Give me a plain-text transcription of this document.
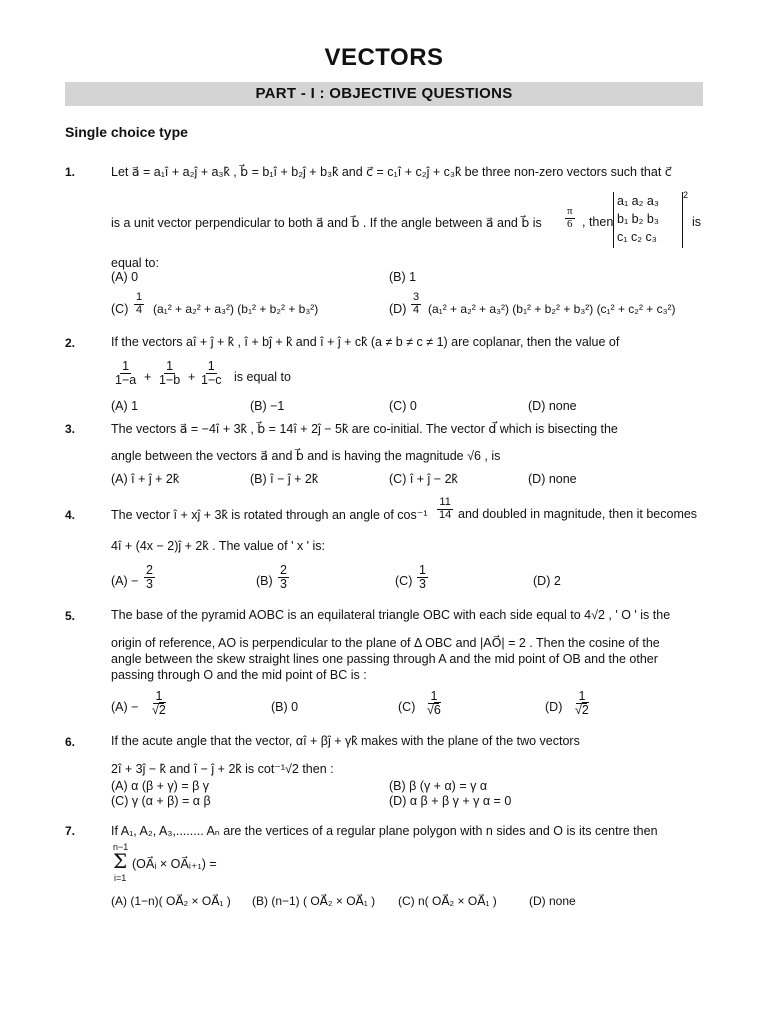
VECTORS
PART - I : OBJECTIVE QUESTIONS
Single choice type
1.	Let a⃗ = a₁î + a₂ĵ + a₃k̂ , b⃗ = b₁î + b₂ĵ + b₃k̂ and c⃗ = c₁î + c₂ĵ + c₃k̂ be three non-zero vectors such that c⃗
is a unit vector perpendicular to both a⃗ and b⃗ . If the angle between a⃗ and b⃗ is $\frac{\pi}{6}$ , then
a₁ a₂ a₃
b₁ b₂ b₃
c₁ c₂ c₃
2
is
equal to:
(A) 0	(B) 1
$(C) \frac{1}{4} (a_1^2 + a_2^2 + a_3^2) (b_1^2 + b_2^2 + b_3^2)$	$(D) \frac{3}{4} (a_1^2 + a_2^2 + a_3^2) (b_1^2 + b_2^2 + b_3^2) (c_1^2 + c_2^2 + c_3^2)$
2.	If the vectors aî + ĵ + k̂ , î + bĵ + k̂ and î + ĵ + ck̂ (a ≠ b ≠ c ≠ 1) are coplanar, then the value of
$\frac{1}{1-a} + \frac{1}{1-b} + \frac{1}{1-c}$ is equal to
(A) 1	(B) −1	(C) 0	(D) none
3.	The vectors a⃗ = −4î + 3k̂ , b⃗ = 14î + 2ĵ − 5k̂ are co-initial. The vector d⃗ which is bisecting the
angle between the vectors a⃗ and b⃗ and is having the magnitude √6 , is
(A) î + ĵ + 2k̂	(B) î − ĵ + 2k̂	(C) î + ĵ − 2k̂	(D) none
4.	The vector î + xĵ + 3k̂ is rotated through an angle of $\cos^{-1} \frac{11}{14}$ and doubled in magnitude, then it becomes
4î + (4x − 2)ĵ + 2k̂ . The value of ' x ' is:
$(A) - \frac{2}{3}$	$(B) \frac{2}{3}$	$(C) \frac{1}{3}$	(D) 2
5.	The base of the pyramid AOBC is an equilateral triangle OBC with each side equal to 4√2 , ' O ' is the
origin of reference, AO is perpendicular to the plane of Δ OBC and |AO⃗| = 2 . Then the cosine of the
angle between the skew straight lines one passing through A and the mid point of OB and the other
passing through O and the mid point of BC is :
$(A) - \frac{1}{√2}$	(B) 0	$(C) \frac{1}{√6}$	$(D) \frac{1}{√2}$
6.	If the acute angle that the vector, αî + βĵ + γk̂ makes with the plane of the two vectors
2î + 3ĵ − k̂ and î − ĵ + 2k̂ is cot⁻¹√2 then :
(A) α (β + γ) = β γ	(B) β (γ + α) = γ α
(C) γ (α + β) = α β	(D) α β + β γ + γ α = 0
7.	If A₁, A₂, A₃,........ Aₙ are the vertices of a regular plane polygon with n sides and O is its centre then
n−1
Σ
i=1
(OA⃗ᵢ × OA⃗ᵢ₊₁) =
(A) (1−n)( OA⃗₂ × OA⃗₁ ) (B) (n−1) ( OA⃗₂ × OA⃗₁ ) (C) n( OA⃗₂ × OA⃗₁ )	(D) none
